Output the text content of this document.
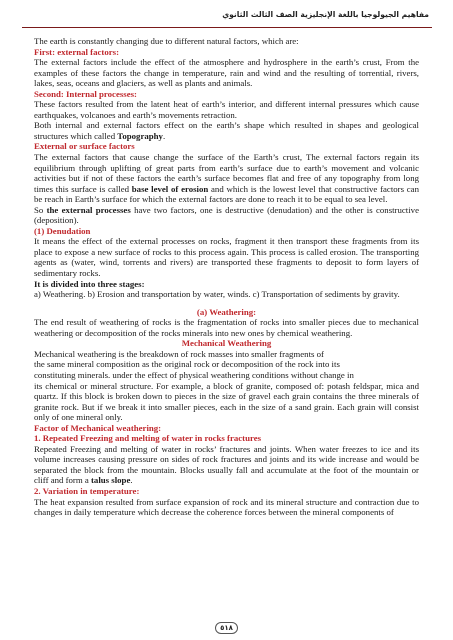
مفاهيم الجيولوجيا باللغة الإنجليزية الصف الثالث الثانوي

The earth is constantly changing due to different natural factors, which are:

First: external factors:

The external factors include the effect of the atmosphere and hydrosphere in the earth’s crust, From the examples of these factors the change in temperature, rain and wind and the resulting of torrential, rivers, lakes, seas, oceans and glaciers, as well as plants and animals.

Second: Internal processes:

These factors resulted from the latent heat of earth’s interior, and different internal pressures which cause earthquakes, volcanoes and earth’s movements retraction.

Both internal and external factors effect on the earth’s shape which resulted in shapes and geological structures which called Topography.

External or surface factors

The external factors that cause change the surface of the Earth’s crust, The external factors regain its equilibrium through uplifting of great parts from earth’s surface due to earth’s movement and volcanic activities but if not of these factors the earth’s surface becomes flat and free of any topography from long times this surface is called base level of erosion and which is the lowest level that constructive factors can be reach in Earth’s surface for which the external factors are done to reach it to be equal to sea level.

So the external processes have two factors, one is destructive (denudation) and the other is constructive (deposition).

(1) Denudation

It means the effect of the external processes on rocks, fragment it then transport these fragments from its place to expose a new surface of rocks to this process again. This process is called erosion. The transporting agents as (water, wind, torrents and rivers) are transported these fragments to deposit to form layers of sedimentary rocks.

It is divided into three stages:

a) Weathering. b) Erosion and transportation by water, winds. c) Transportation of sediments by gravity.

(a) Weathering:

The end result of weathering of rocks is the fragmentation of rocks into smaller pieces due to mechanical weathering or decomposition of the rocks minerals into new ones by chemical weathering.

Mechanical Weathering

Mechanical weathering is the breakdown of rock masses into smaller fragments of

the same mineral composition as the original rock or decomposition of the rock into its

constituting minerals. under the effect of physical weathering conditions without change in

its chemical or mineral structure. For example, a block of granite, composed of: potash feldspar, mica and quartz. If this block is broken down to pieces in the size of gravel each grain contains the three minerals of granite rock. But if we break it into smaller pieces, each in the size of a sand grain. Each grain will consist only of one mineral only.

Factor of Mechanical weathering:

1. Repeated Freezing and melting of water in rocks fractures

Repeated Freezing and melting of water in rocks’ fractures and joints. When water freezes to ice and its volume increases causing pressure on sides of rock fractures and joints and its wide increase and would be separated the block from the mountain. Blocks usually fall and accumulate at the foot of the mountain or cliff and form a talus slope.

2. Variation in temperature:

The heat expansion resulted from surface expansion of rock and its mineral structure and contraction due to changes in daily temperature which decrease the coherence forces between the mineral components of

٥١٨
